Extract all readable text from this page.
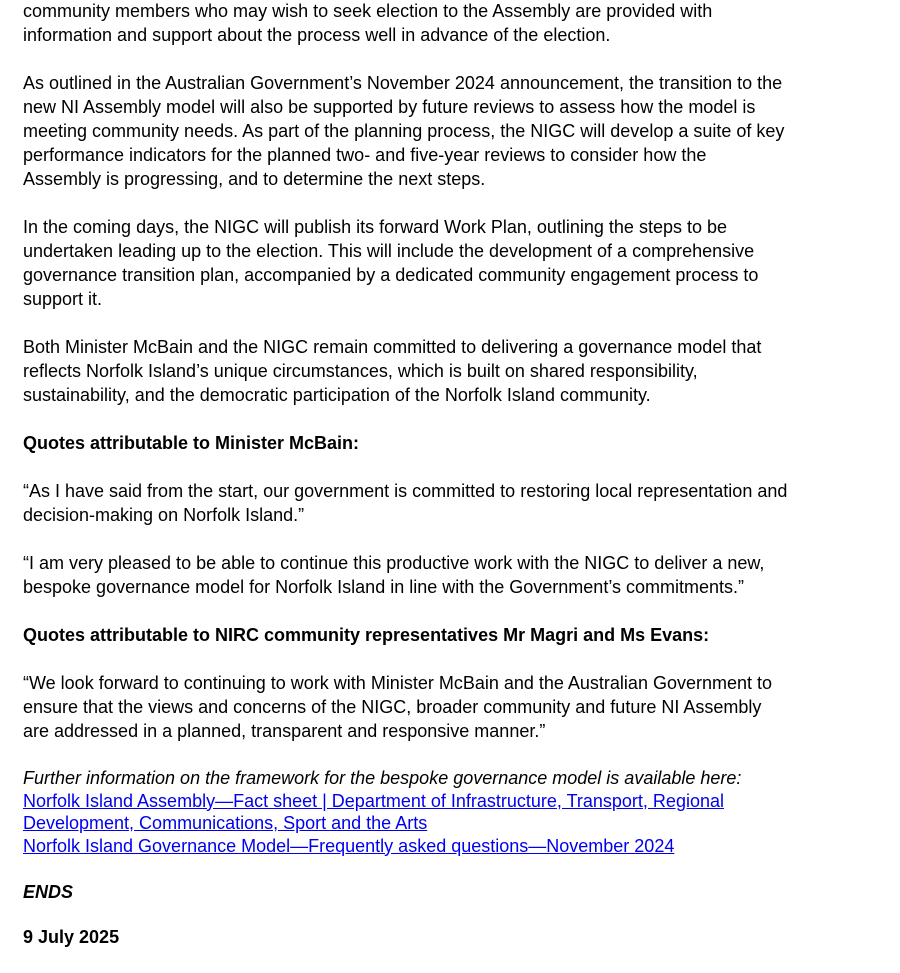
community members who may wish to seek election to the Assembly are provided with
information and support about the process well in advance of the election.
As outlined in the Australian Government’s November 2024 announcement, the transition to the
new NI Assembly model will also be supported by future reviews to assess how the model is
meeting community needs. As part of the planning process, the NIGC will develop a suite of key
performance indicators for the planned two- and five-year reviews to consider how the
Assembly is progressing, and to determine the next steps.
In the coming days, the NIGC will publish its forward Work Plan, outlining the steps to be
undertaken leading up to the election. This will include the development of a comprehensive
governance transition plan, accompanied by a dedicated community engagement process to
support it.
Both Minister McBain and the NIGC remain committed to delivering a governance model that
reflects Norfolk Island’s unique circumstances, which is built on shared responsibility,
sustainability, and the democratic participation of the Norfolk Island community.
Quotes attributable to Minister McBain:
“As I have said from the start, our government is committed to restoring local representation and
decision-making on Norfolk Island.”
“I am very pleased to be able to continue this productive work with the NIGC to deliver a new,
bespoke governance model for Norfolk Island in line with the Government’s commitments.”
Quotes attributable to NIRC community representatives Mr Magri and Ms Evans:
“We look forward to continuing to work with Minister McBain and the Australian Government to
ensure that the views and concerns of the NIGC, broader community and future NI Assembly
are addressed in a planned, transparent and responsive manner.”
Further information on the framework for the bespoke governance model is available here:
Norfolk Island Assembly—Fact sheet | Department of Infrastructure, Transport, Regional
Development, Communications, Sport and the Arts
Norfolk Island Governance Model—Frequently asked questions—November 2024
ENDS
9 July 2025
